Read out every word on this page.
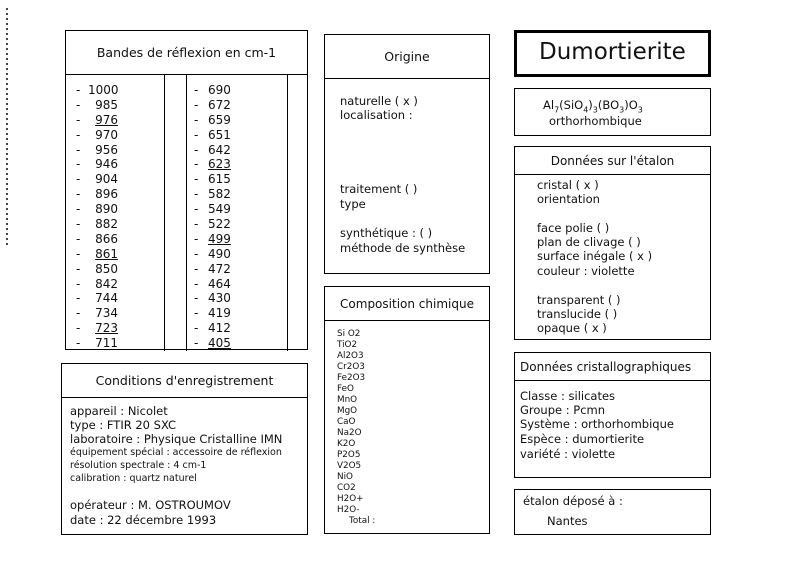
Bandes de réflexion en cm-1
- 1000
-	985
-	976
-	970
-	956
-	946
-	904
-	896
-	890
-	882
-	866
-	861
-	850
-	842
-	744
-	734
-	723
-	711
- 690
- 672
- 659
- 651
- 642
- 623
- 615
- 582
- 549
- 522
- 499
- 490
- 472
- 464
- 430
- 419
- 412
- 405
Origine
naturelle ( x )
localisation :
traitement ( )
type
synthétique : ( )
méthode de synthèse
Composition chimique
Si O2
TiO2
Al2O3
Cr2O3
Fe2O3
FeO
MnO
MgO
CaO
Na2O
K2O
P2O5
V2O5
NiO
CO2
H2O+
H2O-
Total :
Conditions d'enregistrement
appareil : Nicolet
type : FTIR 20 SXC
laboratoire : Physique Cristalline IMN
équipement spécial : accessoire de réflexion
résolution spectrale : 4 cm-1
calibration : quartz naturel
opérateur : M. OSTROUMOV
date : 22 décembre 1993
Dumortierite
$Al_7(SiO_4)_3(BO_3)O_3$
orthorhombique
Données sur l'étalon
cristal ( x )
orientation
face polie ( )
plan de clivage ( )
surface inégale ( x )
couleur : violette
transparent ( )
translucide ( )
opaque ( x )
Données cristallographiques
Classe : silicates
Groupe : Pcmn
Système : orthorhombique
Espèce : dumortierite
variété : violette
étalon déposé à :
Nantes
